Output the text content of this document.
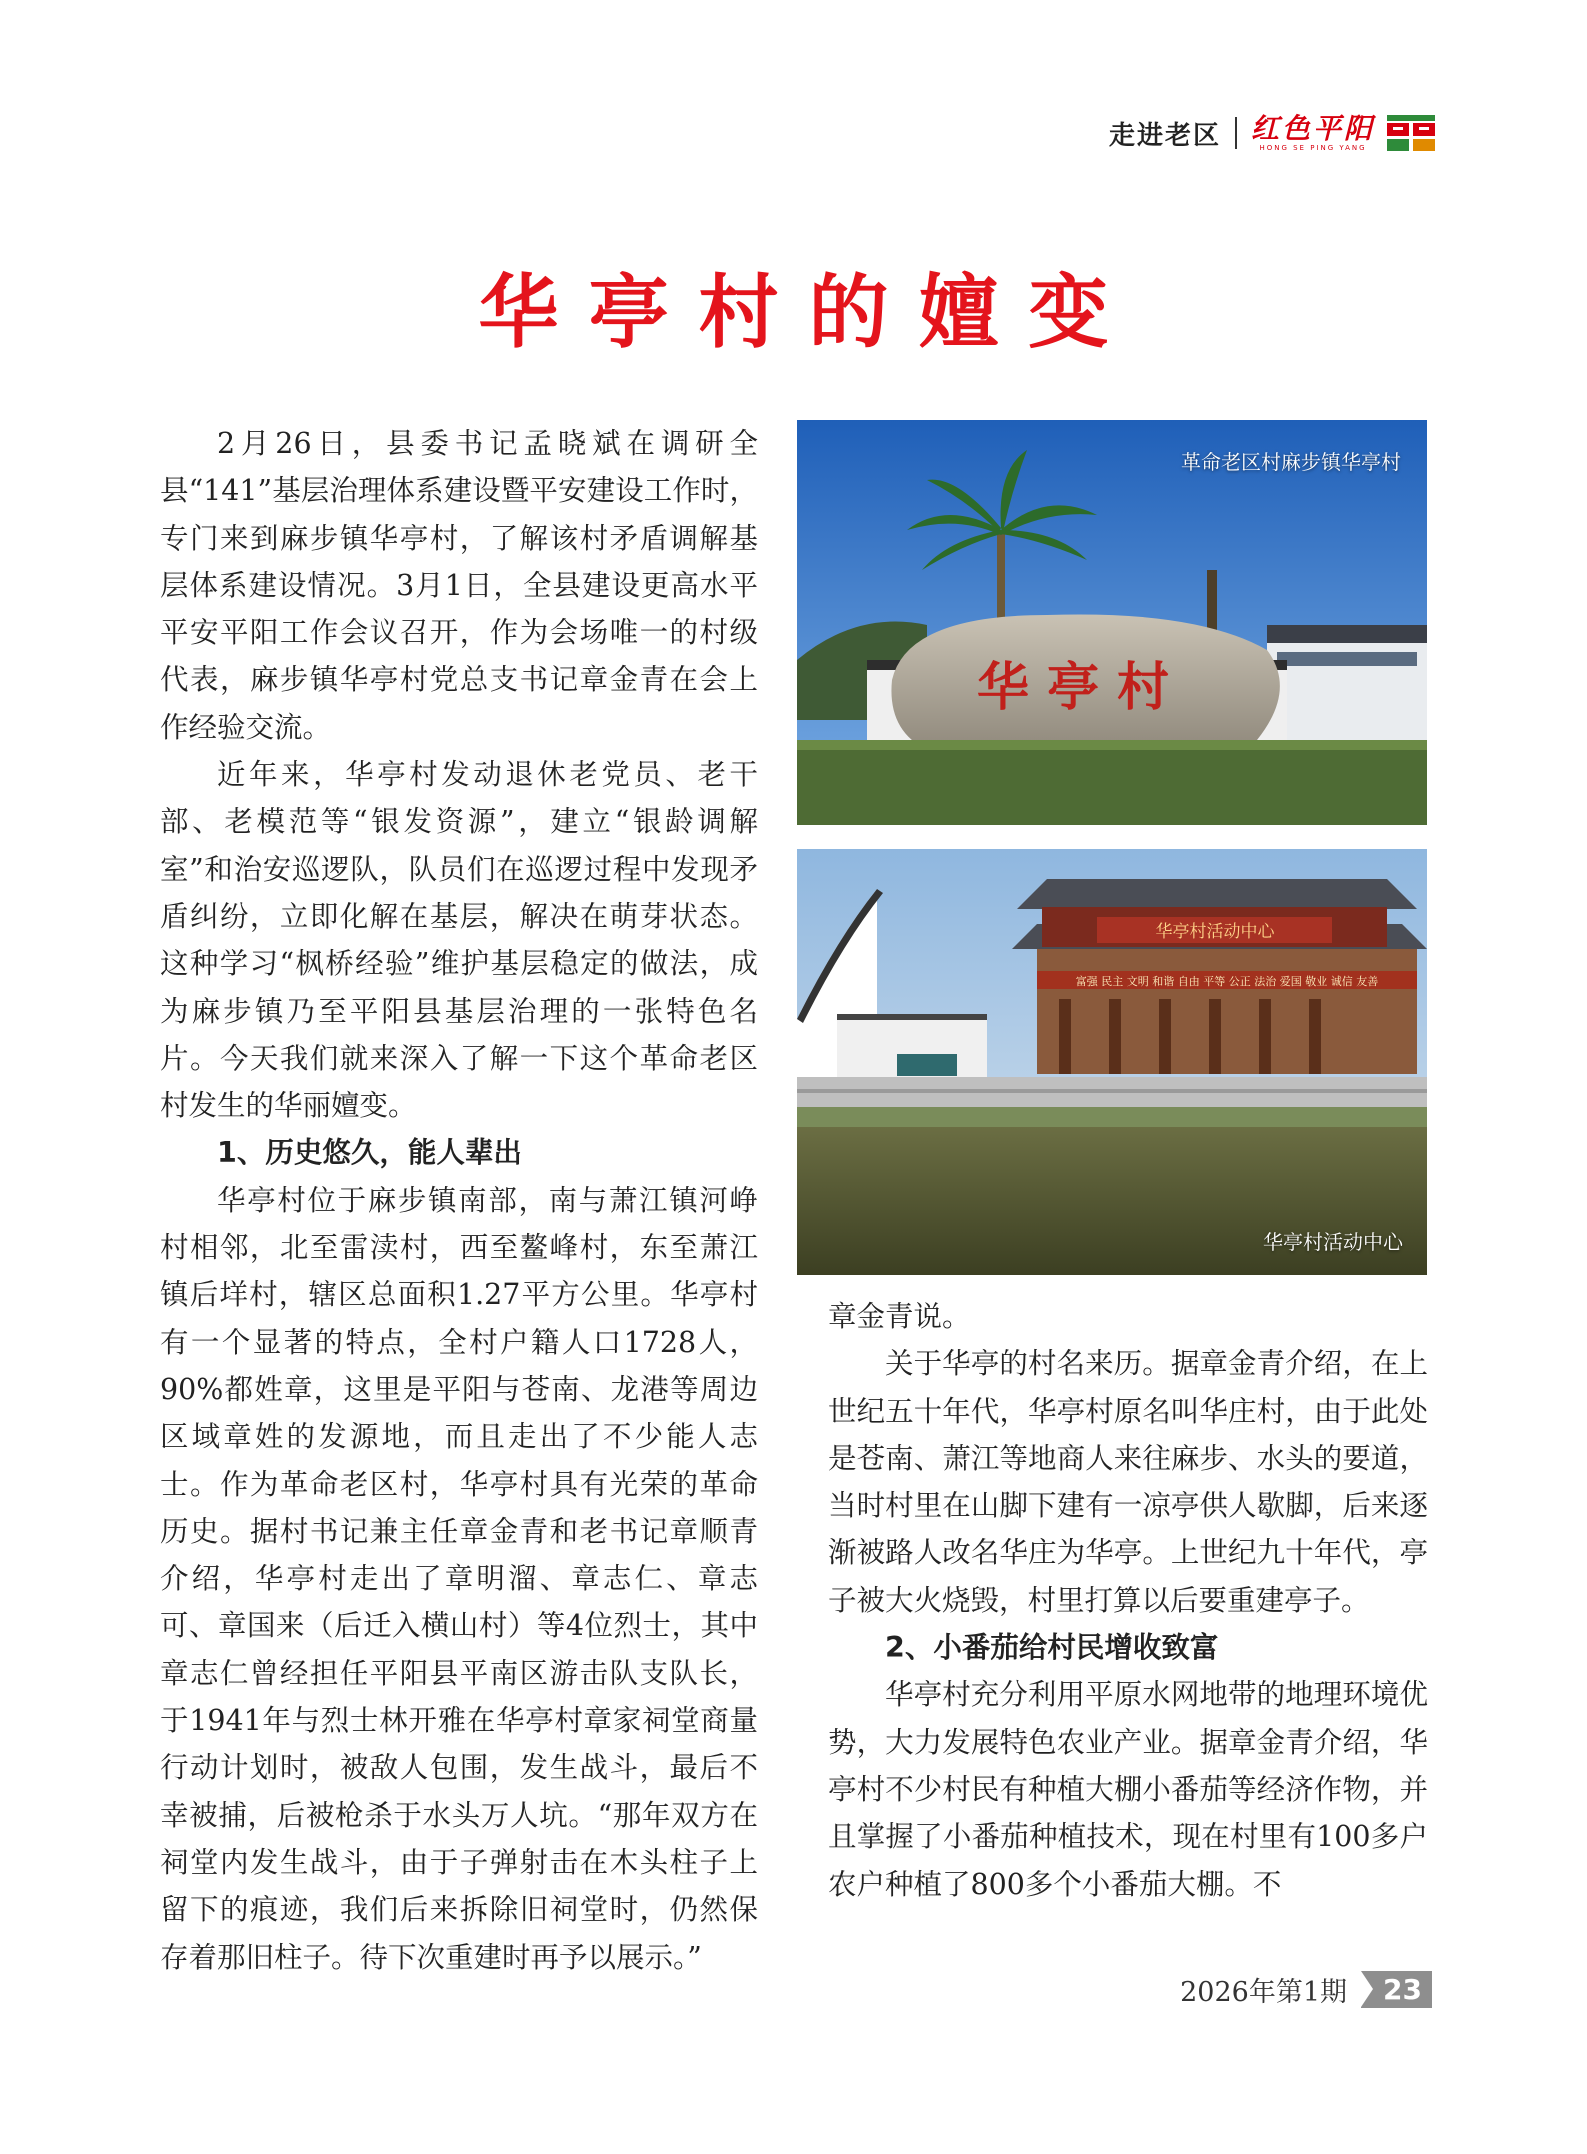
走进老区 红色平阳
HONG SE PING YANG
华亭村的嬗变

2月26日，县委书记孟晓斌在调研全县“141”基层治理体系建设暨平安建设工作时，专门来到麻步镇华亭村，了解该村矛盾调解基层体系建设情况。3月1日，全县建设更高水平平安平阳工作会议召开，作为会场唯一的村级代表，麻步镇华亭村党总支书记章金青在会上作经验交流。

近年来，华亭村发动退休老党员、老干部、老模范等“银发资源”，建立“银龄调解室”和治安巡逻队，队员们在巡逻过程中发现矛盾纠纷，立即化解在基层，解决在萌芽状态。这种学习“枫桥经验”维护基层稳定的做法，成为麻步镇乃至平阳县基层治理的一张特色名片。今天我们就来深入了解一下这个革命老区村发生的华丽嬗变。

1、历史悠久，能人辈出

华亭村位于麻步镇南部，南与萧江镇河峥村相邻，北至雷渎村，西至鳌峰村，东至萧江镇后垟村，辖区总面积1.27平方公里。华亭村有一个显著的特点，全村户籍人口1728人，90%都姓章，这里是平阳与苍南、龙港等周边区域章姓的发源地，而且走出了不少能人志士。作为革命老区村，华亭村具有光荣的革命历史。据村书记兼主任章金青和老书记章顺青介绍，华亭村走出了章明溜、章志仁、章志可、章国来（后迁入横山村）等4位烈士，其中章志仁曾经担任平阳县平南区游击队支队长，于1941年与烈士林开雅在华亭村章家祠堂商量行动计划时，被敌人包围，发生战斗，最后不幸被捕，后被枪杀于水头万人坑。“那年双方在祠堂内发生战斗，由于子弹射击在木头柱子上留下的痕迹，我们后来拆除旧祠堂时，仍然保存着那旧柱子。待下次重建时再予以展示。”

华亭村
革命老区村麻步镇华亭村
华亭村活动中心
富强 民主 文明 和谐 自由 平等 公正 法治 爱国 敬业 诚信 友善
华亭村活动中心

章金青说。

关于华亭的村名来历。据章金青介绍，在上世纪五十年代，华亭村原名叫华庄村，由于此处是苍南、萧江等地商人来往麻步、水头的要道，当时村里在山脚下建有一凉亭供人歇脚，后来逐渐被路人改名华庄为华亭。上世纪九十年代，亭子被大火烧毁，村里打算以后要重建亭子。

2、小番茄给村民增收致富

华亭村充分利用平原水网地带的地理环境优势，大力发展特色农业产业。据章金青介绍，华亭村不少村民有种植大棚小番茄等经济作物，并且掌握了小番茄种植技术，现在村里有100多户农户种植了800多个小番茄大棚。不

2026年第1期	23
